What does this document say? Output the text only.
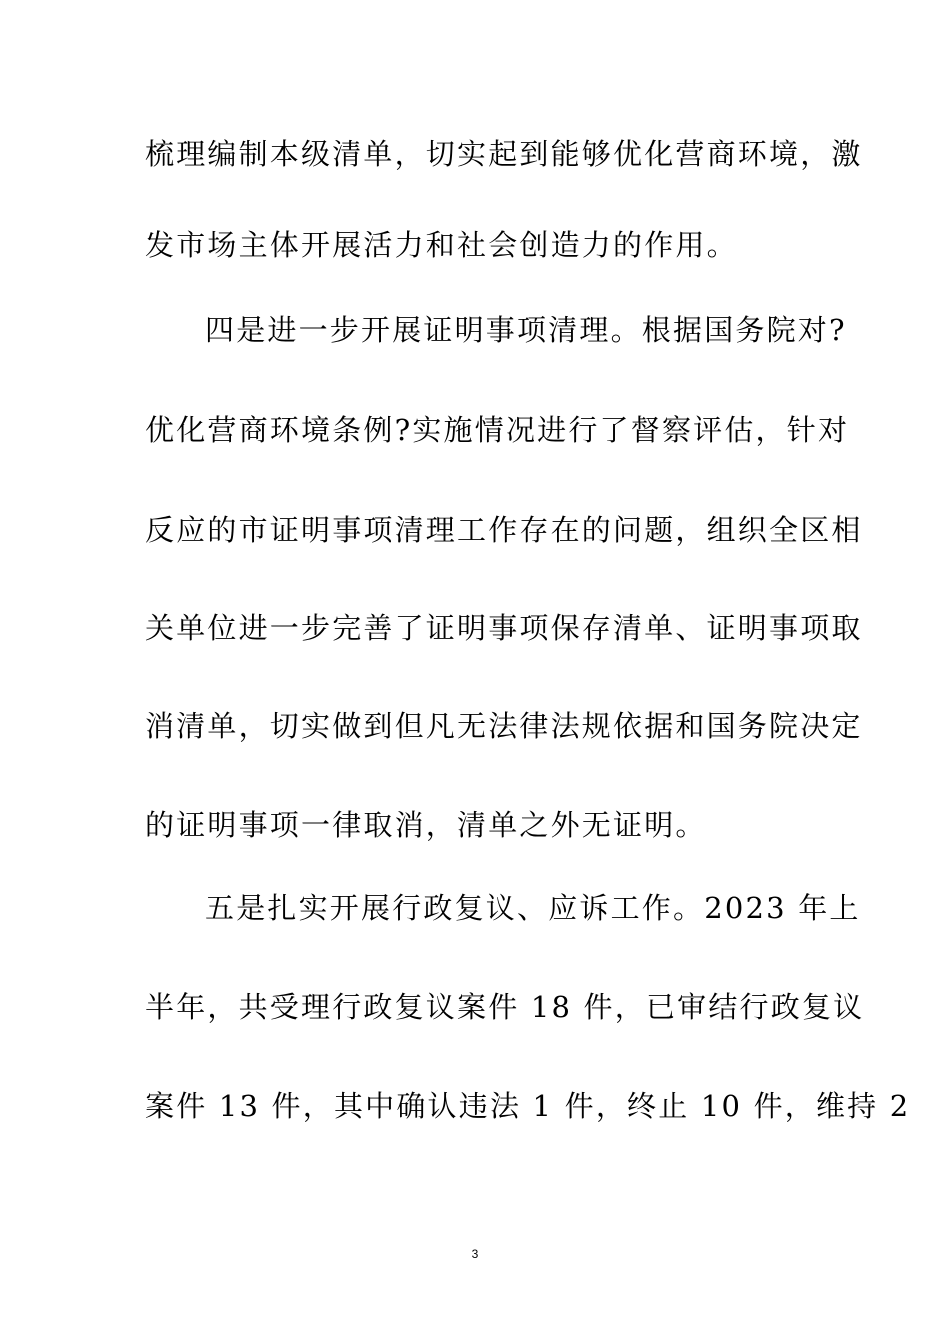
梳理编制本级清单，切实起到能够优化营商环境，激
发市场主体开展活力和社会创造力的作用。
四是进一步开展证明事项清理。根据国务院对?
优化营商环境条例?实施情况进行了督察评估，针对
反应的市证明事项清理工作存在的问题，组织全区相
关单位进一步完善了证明事项保存清单、证明事项取
消清单，切实做到但凡无法律法规依据和国务院决定
的证明事项一律取消，清单之外无证明。
五是扎实开展行政复议、应诉工作。2023 年上
半年，共受理行政复议案件 18 件，已审结行政复议
案件 13 件，其中确认违法 1 件，终止 10 件，维持 2
3
